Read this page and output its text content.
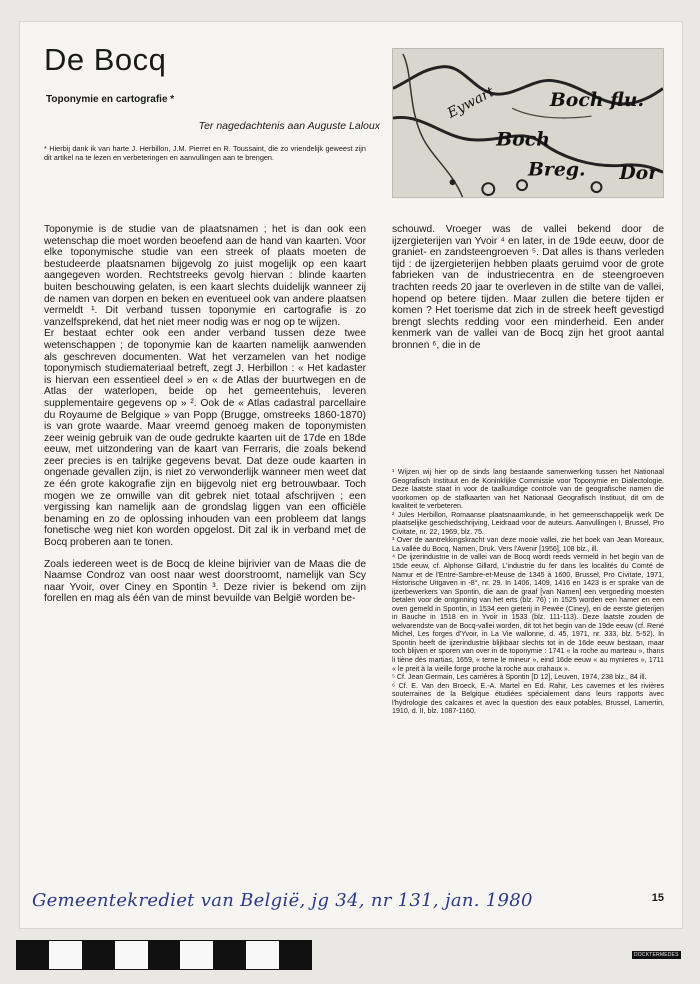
De Bocq
Toponymie en cartografie *
Ter nagedachtenis aan Auguste Laloux
* Hierbij dank ik van harte J. Herbillon, J.M. Pierret en R. Toussaint, die zo vriendelijk geweest zijn dit artikel na te lezen en verbeteringen en aanvullingen aan te brengen.
Eywart	Boch flu.
Boch
Breg. Dor

Toponymie is de studie van de plaatsnamen ; het is dan ook een wetenschap die moet worden beoefend aan de hand van kaarten. Voor elke toponymische studie van een streek of plaats moeten de bestudeerde plaatsnamen bijgevolg zo juist mogelijk op een kaart aangegeven worden. Rechtstreeks gevolg hiervan : blinde kaarten buiten beschouwing gelaten, is een kaart slechts duidelijk wanneer zij de namen van dorpen en beken en eventueel ook van andere plaatsen vermeldt ¹. Dit verband tussen toponymie en cartografie is zo vanzelfsprekend, dat het niet meer nodig was er nog op te wijzen.

Er bestaat echter ook een ander verband tussen deze twee wetenschappen ; de toponymie kan de kaarten namelijk aanwenden als geschreven documenten. Wat het verzamelen van het nodige toponymisch studiemateriaal betreft, zegt J. Herbillon : « Het kadaster is hiervan een essentieel deel » en « de Atlas der buurtwegen en de Atlas der waterlopen, beide op het gemeentehuis, leveren supplementaire gegevens op » ². Ook de « Atlas cadastral parcellaire du Royaume de Belgique » van Popp (Brugge, omstreeks 1860-1870) is van grote waarde. Maar vreemd genoeg maken de toponymisten zeer weinig gebruik van de oude gedrukte kaarten uit de 17de en 18de eeuw, met uitzondering van de kaart van Ferraris, die zoals bekend zeer precies is en talrijke gegevens bevat. Dat deze oude kaarten in ongenade gevallen zijn, is niet zo verwonderlijk wanneer men weet dat ze één grote kakografie zijn en bijgevolg niet erg betrouwbaar. Toch mogen we ze omwille van dit gebrek niet totaal afschrijven ; een vergissing kan namelijk aan de grondslag liggen van een officiële benaming en zo de oplossing inhouden van een probleem dat langs fonetische weg niet kon worden opgelost. Dit zal ik in verband met de Bocq proberen aan te tonen.

Zoals iedereen weet is de Bocq de kleine bijrivier van de Maas die de Naamse Condroz van oost naar west doorstroomt, namelijk van Scy naar Yvoir, over Ciney en Spontin ³. Deze rivier is bekend om zijn forellen en mag als één van de minst bevuilde van België worden be-

schouwd. Vroeger was de vallei bekend door de ijzergieterijen van Yvoir ⁴ en later, in de 19de eeuw, door de graniet- en zandsteengroeven ⁵. Dat alles is thans verleden tijd : de ijzergieterijen hebben plaats geruimd voor de grote fabrieken van de industriecentra en de steengroeven trachten reeds 20 jaar te overleven in de stilte van de vallei, hopend op betere tijden. Maar zullen die betere tijden er komen ? Het toerisme dat zich in de streek heeft gevestigd brengt slechts redding voor een minderheid. Een ander kenmerk van de vallei van de Bocq zijn het groot aantal bronnen ⁶, die in de

¹ Wijzen wij hier op de sinds lang bestaande samenwerking tussen het Nationaal Geografisch Instituut en de Koninklijke Commissie voor Toponymie en Dialectologie. Deze laatste staat in voor de taalkundige controle van de geografische namen die voorkomen op de stafkaarten van het Nationaal Geografisch Instituut, dit om de kwaliteit te verbeteren.
² Jules Herbillon, Romaanse plaatsnaamkunde, in het gemeenschappelijk werk De plaatselijke geschiedschrijving, Leidraad voor de auteurs. Aanvullingen I, Brussel, Pro Civitate, nr. 22, 1969, blz. 75.
³ Over de aantrekkingskracht van deze mooie vallei, zie het boek van Jean Moreaux, La vallée du Bocq, Namen, Druk. Vers l'Avenir [1956], 108 blz., ill.
⁴ De ijzerindustrie in de vallei van de Bocq wordt reeds vermeld in het begin van de 15de eeuw, cf. Alphonse Gillard, L'industrie du fer dans les localités du Comté de Namur et de l'Entre-Sambre-et-Meuse de 1345 à 1600, Brussel, Pro Civitate, 1971, Historische Uitgaven in -8°, nr. 29. In 1406, 1409, 1416 en 1423 is er sprake van de ijzerbewerkers van Spontin, die aan de graaf [van Namen] een vergoeding moesten betalen voor de ontginning van het erts (blz. 76) ; in 1525 worden een hamer en een oven gemeld in Spontin, in 1534 een gieterij in Pewée (Ciney), en de eerste gieterijen in Bauche in 1518 en in Yvoir in 1533 (blz. 111-113). Deze laatste zouden de welvarendste van de Bocq-vallei worden, dit tot het begin van de 19de eeuw (cf. René Michel, Les forges d'Yvoir, in La Vie wallonne, d. 45, 1971, nr. 333, blz. 5-52). In Spontin heeft de ijzerindustrie blijkbaar slechts tot in de 16de eeuw bestaan, maar toch blijven er sporen van over in de toponymie : 1741 « la roche au marteau », thans li tiène dès martias, 1659, « terne le mineur », eind 16de eeuw « au mynieres », 1711 « le preit à la vieille forge proche la roche aux crahaux ».
⁵ Cf. Jean Germain, Les carrières à Spontin [D 12], Leuven, 1974, 238 blz., 84 ill.
⁶ Cf. E. Van den Broeck, E.-A. Martel en Ed. Rahir, Les cavernes et les rivières souterraines de la Belgique étudiées spécialement dans leurs rapports avec l'hydrologie des calcaires et avec la question des eaux potables, Brussel, Lamertin, 1910, d. II, blz. 1087-1160.
15
Gemeentekrediet van België, jg 34, nr 131, jan. 1980
DOCKTERMEDES
